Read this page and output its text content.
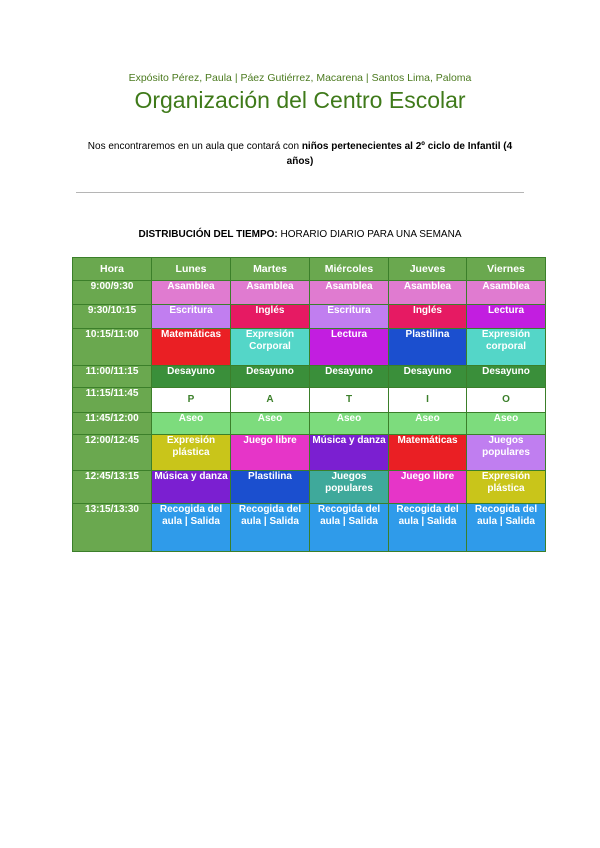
Expósito Pérez, Paula | Páez Gutiérrez, Macarena | Santos Lima, Paloma
Organización del Centro Escolar
Nos encontraremos en un aula que contará con niños pertenecientes al 2º ciclo de Infantil (4 años)
DISTRIBUCIÓN DEL TIEMPO: HORARIO DIARIO PARA UNA SEMANA
Hora	Lunes	Martes	Miércoles	Jueves	Viernes
9:00/9:30	Asamblea	Asamblea	Asamblea	Asamblea	Asamblea
9:30/10:15	Escritura	Inglés	Escritura	Inglés	Lectura
10:15/11:00	Matemáticas	Expresión Corporal	Lectura	Plastilina	Expresión corporal
11:00/11:15	Desayuno	Desayuno	Desayuno	Desayuno	Desayuno
11:15/11:45	P	A	T	I	O
11:45/12:00	Aseo	Aseo	Aseo	Aseo	Aseo
12:00/12:45	Expresión plástica	Juego libre	Música y danza	Matemáticas	Juegos populares
12:45/13:15	Música y danza	Plastilina	Juegos populares	Juego libre	Expresión plástica
13:15/13:30	Recogida del aula | Salida	Recogida del aula | Salida	Recogida del aula | Salida	Recogida del aula | Salida	Recogida del aula | Salida
